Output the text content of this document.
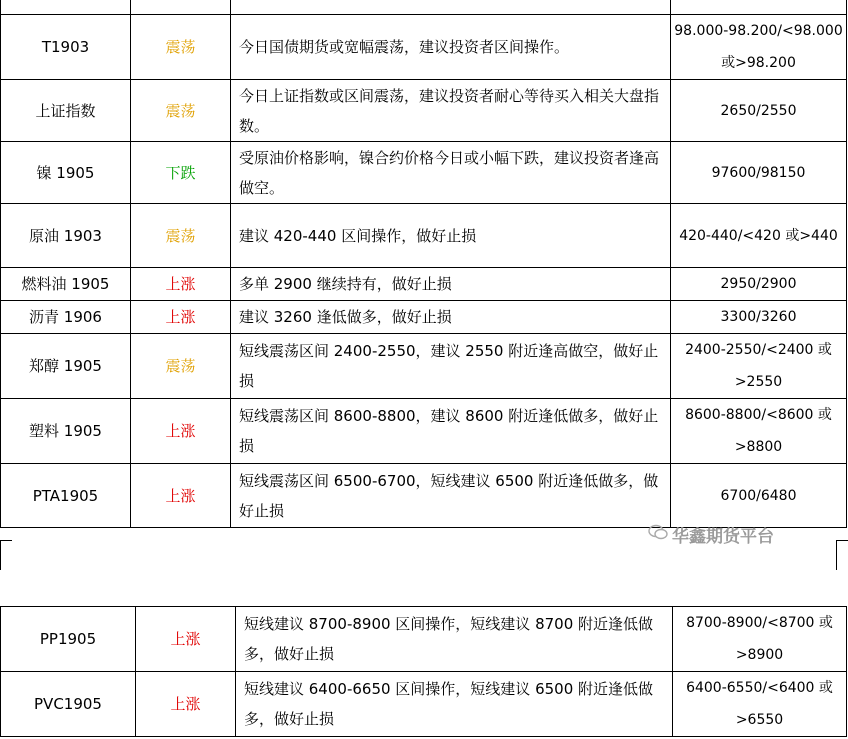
T1903	震荡	今日国债期货或宽幅震荡，建议投资者区间操作。	98.000-98.200/<98.000 或>98.200
上证指数	震荡	今日上证指数或区间震荡，建议投资者耐心等待买入相关大盘指数。	2650/2550
镍 1905	下跌	受原油价格影响，镍合约价格今日或小幅下跌，建议投资者逢高做空。	97600/98150
原油 1903	震荡	建议 420-440 区间操作，做好止损	420-440/<420 或>440
燃料油 1905	上涨	多单 2900 继续持有，做好止损	2950/2900
沥青 1906	上涨	建议 3260 逢低做多，做好止损	3300/3260
郑醇 1905	震荡	短线震荡区间 2400-2550，建议 2550 附近逢高做空，做好止损	2400-2550/<2400 或>2550
塑料 1905	上涨	短线震荡区间 8600-8800，建议 8600 附近逢低做多，做好止损	8600-8800/<8600 或>8800
PTA1905	上涨	短线震荡区间 6500-6700，短线建议 6500 附近逢低做多，做好止损	6700/6480
华鑫期货平台
PP1905	上涨	短线建议 8700-8900 区间操作，短线建议 8700 附近逢低做多，做好止损	8700-8900/<8700 或>8900
PVC1905	上涨	短线建议 6400-6650 区间操作，短线建议 6500 附近逢低做多，做好止损	6400-6550/<6400 或>6550
